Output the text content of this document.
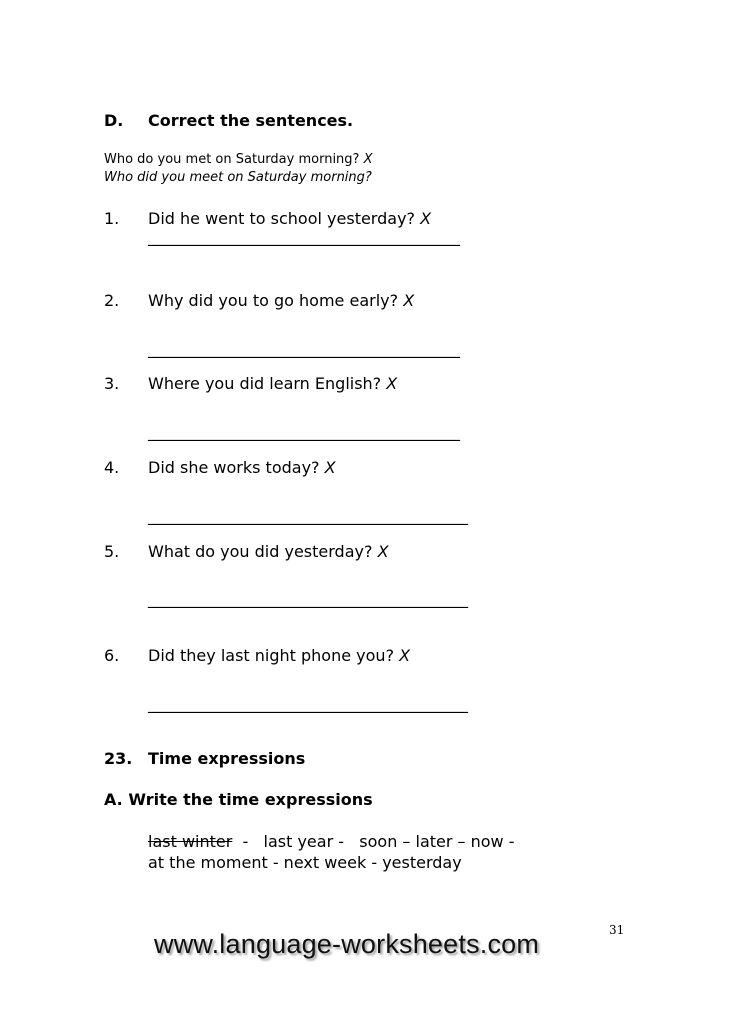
D. Correct the sentences.
Who do you met on Saturday morning? X
Who did you meet on Saturday morning?
1. Did he went to school yesterday? X
_______________________________________
2. Why did you to go home early? X
_______________________________________
3. Where you did learn English? X
_______________________________________
4. Did she works today? X
________________________________________
5. What do you did yesterday? X
________________________________________
6. Did they last night phone you? X
________________________________________
23. Time expressions
A. Write the time expressions
last winter  -   last year -   soon – later – now -
at the moment - next week - yesterday
31
www.language-worksheets.com
